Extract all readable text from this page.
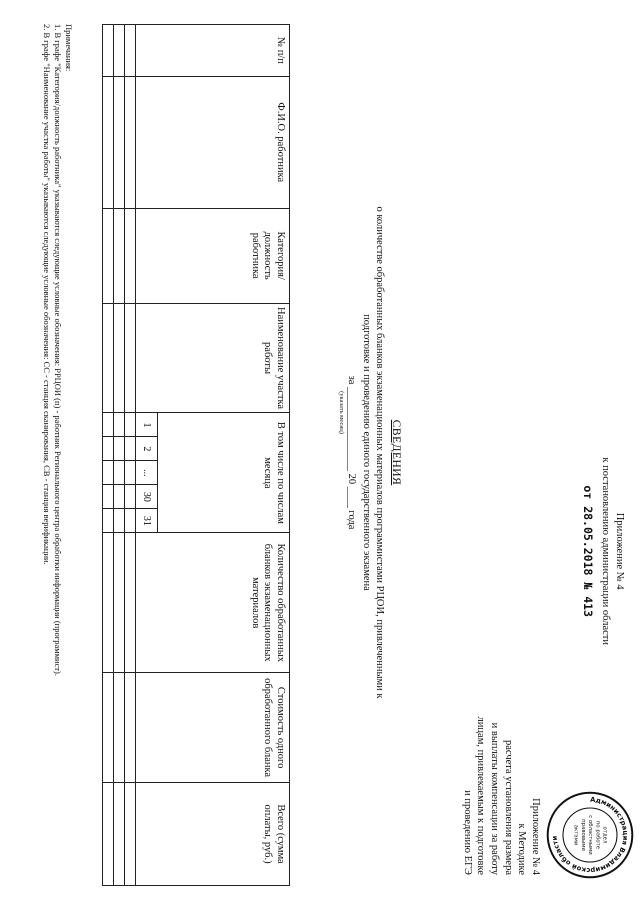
Приложение № 4
к постановлению администрации области
от 28.05.2018 № 413
Приложение № 4
к Методике
расчета установления размера
и выплаты компенсации за работу
лицам, привлекаемым к подготовке
и проведению ЕГЭ
СВЕДЕНИЯ
о количестве обработанных бланков экзаменационных материалов программистами РЦОИ, привлеченными к
подготовке и проведению единого государственного экзамена
за ________________ 20 ____ года
(указать месяц)
№ п/п	Ф.И.О. работника	Категория/ должность работника	Наименование участка работы	В том числе по числам месяца					Количество обработанных бланков экзаменационных материалов	Стоимость одного обработанного бланка	Всего (сумма оплаты, руб.)
				1	2	...	30	31			

Примечания:
1. В графе "Категория/должность работника" указываются следующие условные обозначения: РРЦОИ (п) - работник Регионального центра обработки информации (программист).
2. В графе "Наименование участка работы" указываются следующие условные обозначения: СС - станция сканирования, СВ - станция верификации.
Администрация Владимирской области	отдел
по работе
с областными
правовыми
актами
